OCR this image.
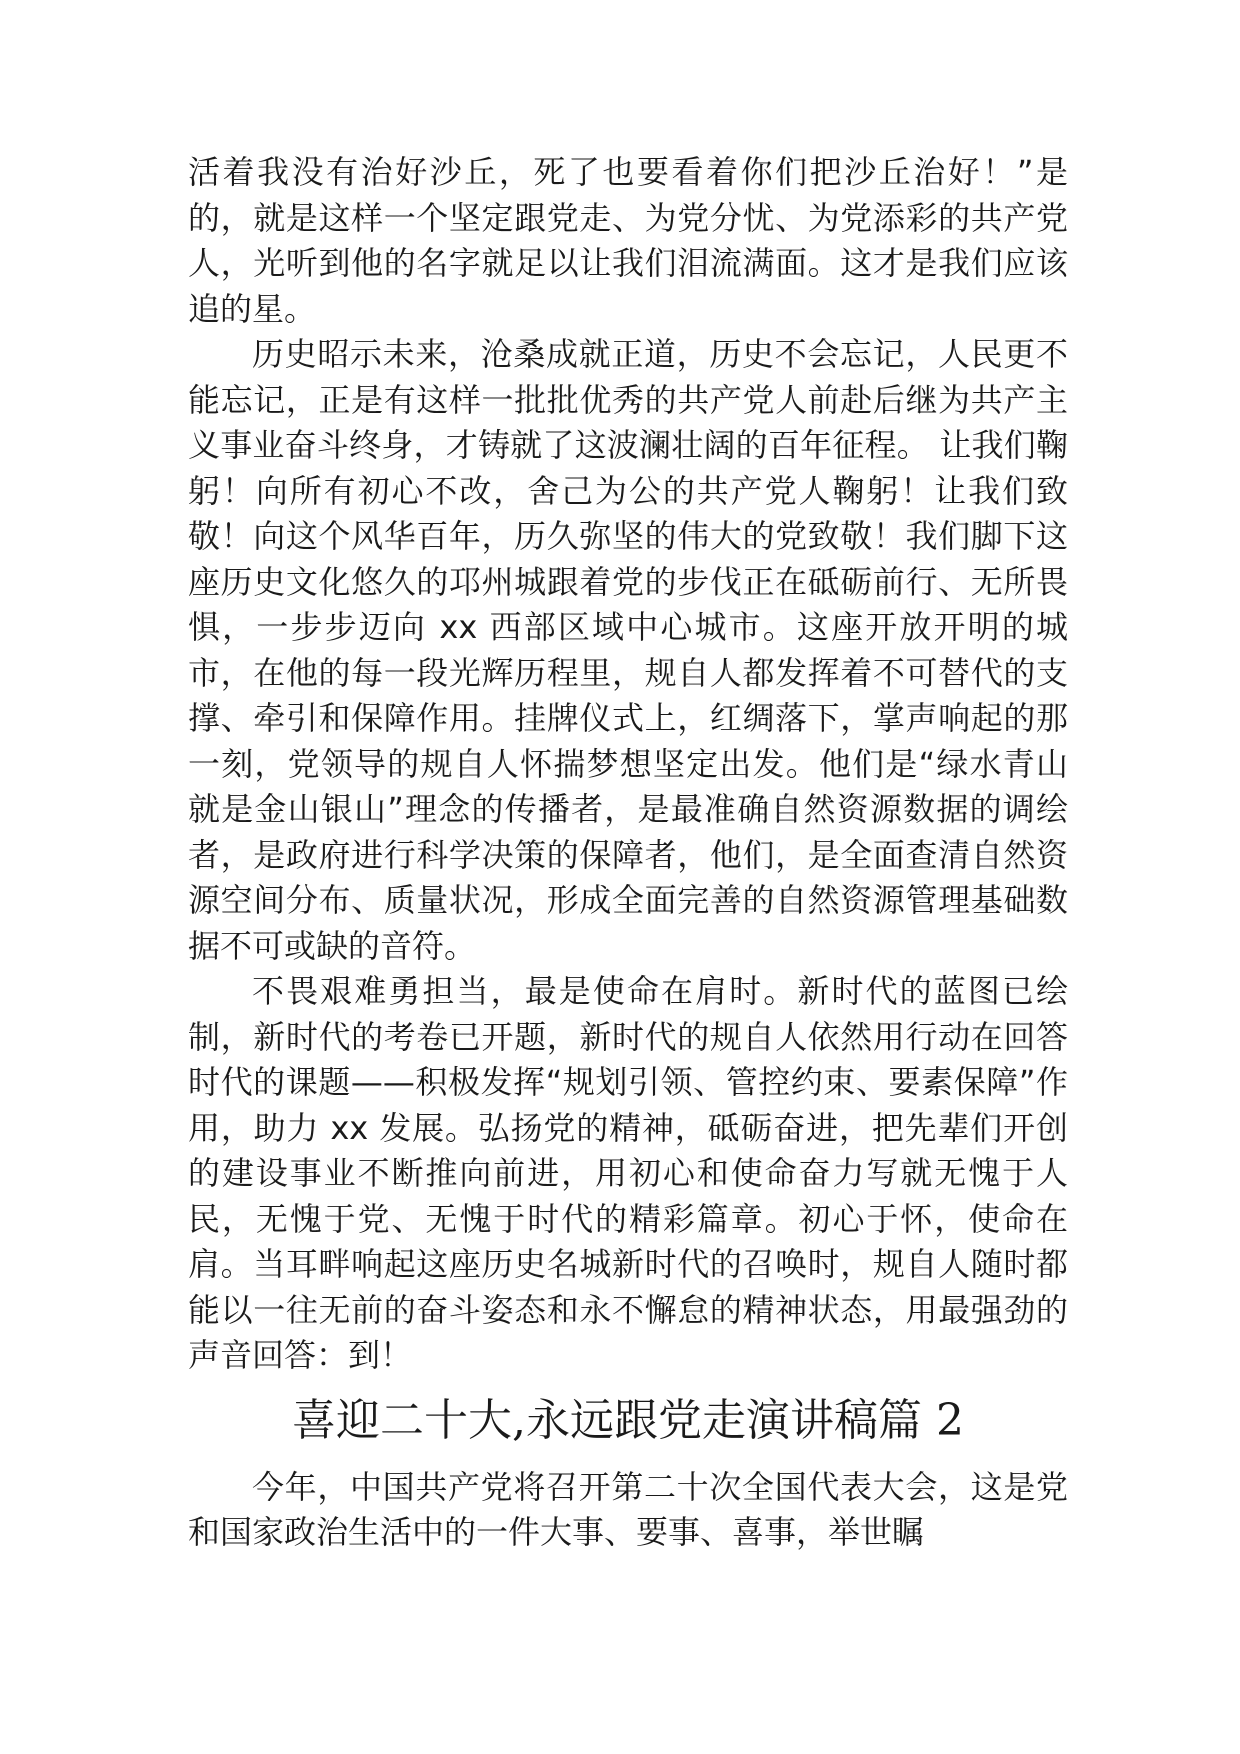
活着我没有治好沙丘，死了也要看着你们把沙丘治好！”是的，就是这样一个坚定跟党走、为党分忧、为党添彩的共产党人，光听到他的名字就足以让我们泪流满面。这才是我们应该追的星。

历史昭示未来，沧桑成就正道，历史不会忘记，人民更不能忘记，正是有这样一批批优秀的共产党人前赴后继为共产主义事业奋斗终身，才铸就了这波澜壮阔的百年征程。 让我们鞠躬！向所有初心不改，舍己为公的共产党人鞠躬！让我们致敬！向这个风华百年，历久弥坚的伟大的党致敬！我们脚下这座历史文化悠久的邛州城跟着党的步伐正在砥砺前行、无所畏惧，一步步迈向 xx 西部区域中心城市。这座开放开明的城市，在他的每一段光辉历程里，规自人都发挥着不可替代的支撑、牵引和保障作用。挂牌仪式上，红绸落下，掌声响起的那一刻，党领导的规自人怀揣梦想坚定出发。他们是“绿水青山就是金山银山”理念的传播者，是最准确自然资源数据的调绘者，是政府进行科学决策的保障者，他们，是全面查清自然资源空间分布、质量状况，形成全面完善的自然资源管理基础数据不可或缺的音符。

不畏艰难勇担当，最是使命在肩时。新时代的蓝图已绘制，新时代的考卷已开题，新时代的规自人依然用行动在回答时代的课题——积极发挥“规划引领、管控约束、要素保障”作用，助力 xx 发展。弘扬党的精神，砥砺奋进，把先辈们开创的建设事业不断推向前进，用初心和使命奋力写就无愧于人民，无愧于党、无愧于时代的精彩篇章。初心于怀，使命在肩。当耳畔响起这座历史名城新时代的召唤时，规自人随时都能以一往无前的奋斗姿态和永不懈怠的精神状态，用最强劲的声音回答：到！

喜迎二十大,永远跟党走演讲稿篇 2

今年，中国共产党将召开第二十次全国代表大会，这是党和国家政治生活中的一件大事、要事、喜事，举世瞩
